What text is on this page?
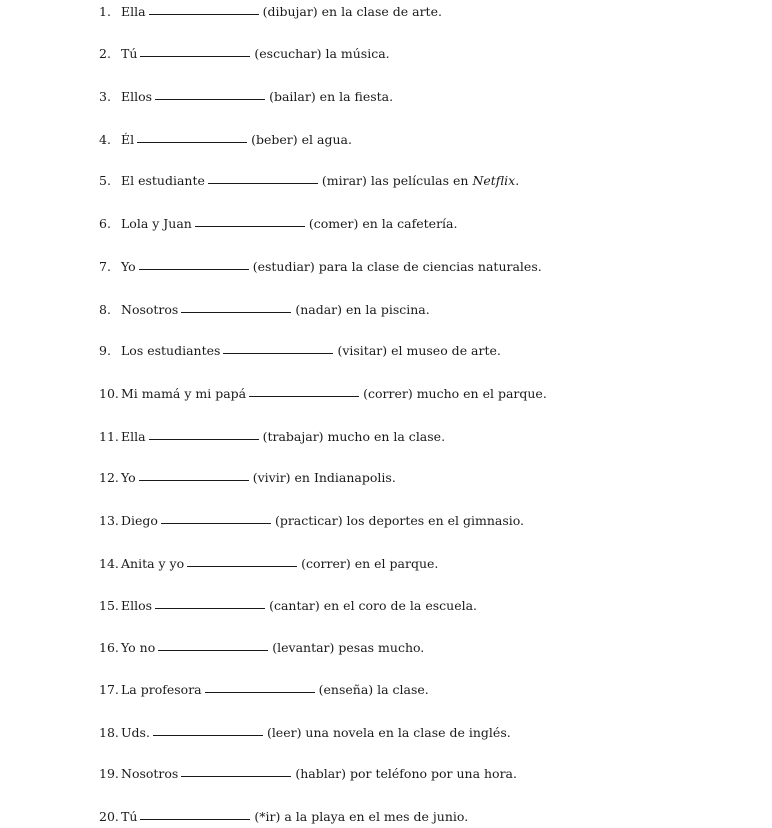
1. Ella	(dibujar) en la clase de arte.
2. Tú	(escuchar) la música.
3. Ellos	(bailar) en la fiesta.
4. Él	(beber) el agua.
5. El estudiante	(mirar) las películas en Netflix.
6. Lola y Juan	(comer) en la cafetería.
7. Yo	(estudiar) para la clase de ciencias naturales.
8. Nosotros	(nadar) en la piscina.
9. Los estudiantes	(visitar) el museo de arte.
10. Mi mamá y mi papá	(correr) mucho en el parque.
11. Ella	(trabajar) mucho en la clase.
12. Yo	(vivir) en Indianapolis.
13. Diego	(practicar) los deportes en el gimnasio.
14. Anita y yo	(correr) en el parque.
15. Ellos	(cantar) en el coro de la escuela.
16. Yo no	(levantar) pesas mucho.
17. La profesora	(enseña) la clase.
18. Uds.	(leer) una novela en la clase de inglés.
19. Nosotros	(hablar) por teléfono por una hora.
20. Tú	(*ir) a la playa en el mes de junio.
